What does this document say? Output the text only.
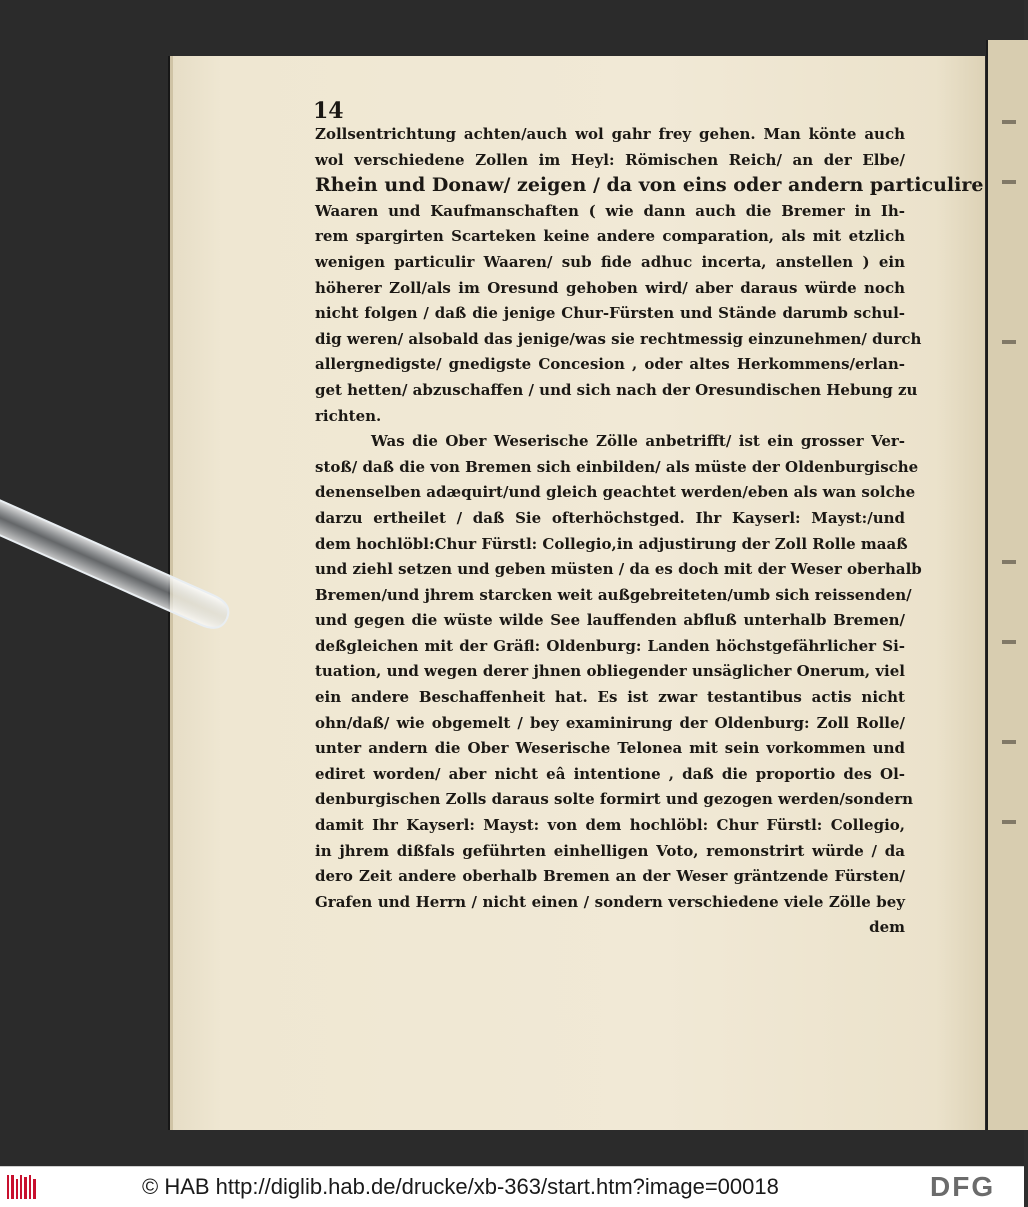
14
Zollsentrichtung achten/auch wol gahr frey gehen. Man könte auch
wol verschiedene Zollen im Heyl: Römischen Reich/ an der Elbe/
Rhein und Donaw/ zeigen / da von eins oder andern particulire
Waaren und Kaufmanschaften ( wie dann auch die Bremer in Ih-
rem spargirten Scarteken keine andere comparation, als mit etzlich
wenigen particulir Waaren/ sub fide adhuc incerta, anstellen ) ein
höherer Zoll/als im Oresund gehoben wird/ aber daraus würde noch
nicht folgen / daß die jenige Chur-Fürsten und Stände darumb schul-
dig weren/ alsobald das jenige/was sie rechtmessig einzunehmen/ durch
allergnedigste/ gnedigste Concesion , oder altes Herkommens/erlan-
get hetten/ abzuschaffen / und sich nach der Oresundischen Hebung zu
richten.
Was die Ober Weserische Zölle anbetrifft/ ist ein grosser Ver-
stoß/ daß die von Bremen sich einbilden/ als müste der Oldenburgische
denenselben adæquirt/und gleich geachtet werden/eben als wan solche
darzu ertheilet / daß Sie ofterhöchstged. Ihr Kayserl: Mayst:/und
dem hochlöbl:Chur Fürstl: Collegio,in adjustirung der Zoll Rolle maaß
und ziehl setzen und geben müsten / da es doch mit der Weser oberhalb
Bremen/und jhrem starcken weit außgebreiteten/umb sich reissenden/
und gegen die wüste wilde See lauffenden abfluß unterhalb Bremen/
deßgleichen mit der Gräfl: Oldenburg: Landen höchstgefährlicher Si-
tuation, und wegen derer jhnen obliegender unsäglicher Onerum, viel
ein andere Beschaffenheit hat. Es ist zwar testantibus actis nicht
ohn/daß/ wie obgemelt / bey examinirung der Oldenburg: Zoll Rolle/
unter andern die Ober Weserische Telonea mit sein vorkommen und
ediret worden/ aber nicht eâ intentione , daß die proportio des Ol-
denburgischen Zolls daraus solte formirt und gezogen werden/sondern
damit Ihr Kayserl: Mayst: von dem hochlöbl: Chur Fürstl: Collegio,
in jhrem dißfals geführten einhelligen Voto, remonstrirt würde / da
dero Zeit andere oberhalb Bremen an der Weser gräntzende Fürsten/
Grafen und Herrn / nicht einen / sondern verschiedene viele Zölle bey
dem
© HAB http://diglib.hab.de/drucke/xb-363/start.htm?image=00018	DFG
